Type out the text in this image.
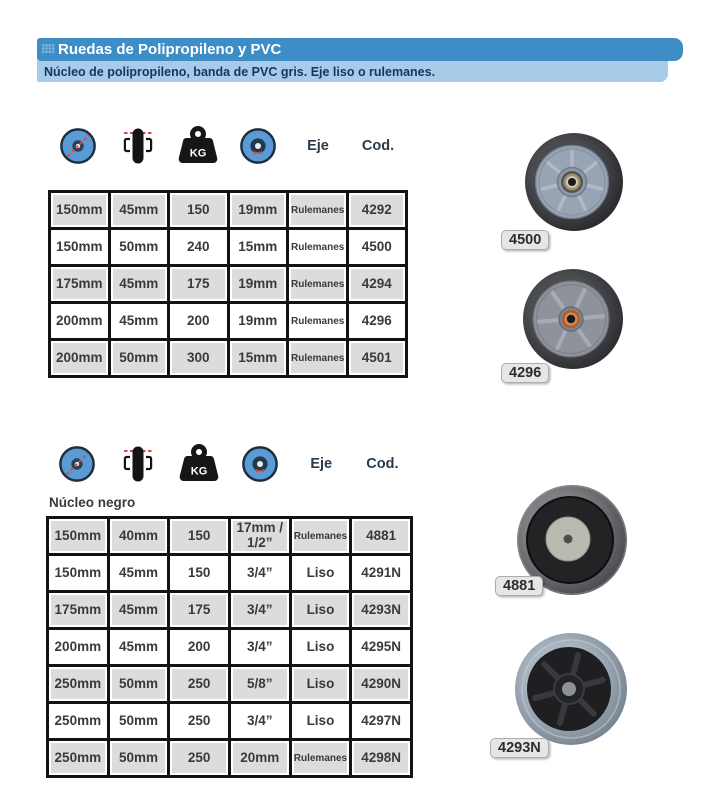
Ruedas de Polipropileno y PVC
Núcleo de polipropileno, banda de PVC gris. Eje liso o rulemanes.
KG	Eje Cod.
150mm	45mm	150	19mm	Rulemanes	4292
150mm	50mm	240	15mm	Rulemanes	4500
175mm	45mm	175	19mm	Rulemanes	4294
200mm	45mm	200	19mm	Rulemanes	4296
200mm	50mm	300	15mm	Rulemanes	4501
KG	Eje Cod.
Núcleo negro
150mm	40mm	150	17mm / 1/2”	Rulemanes	4881
150mm	45mm	150	3/4”	Liso	4291N
175mm	45mm	175	3/4”	Liso	4293N
200mm	45mm	200	3/4”	Liso	4295N
250mm	50mm	250	5/8”	Liso	4290N
250mm	50mm	250	3/4”	Liso	4297N
250mm	50mm	250	20mm	Rulemanes	4298N
4500
4296
4881
4293N
